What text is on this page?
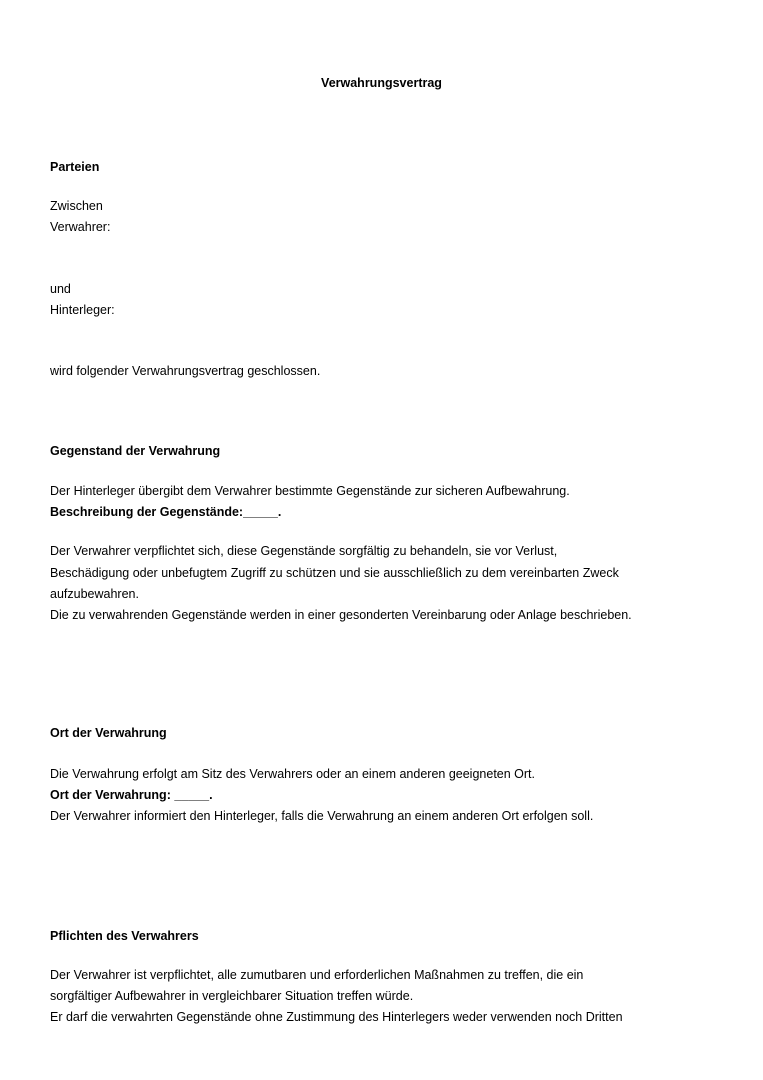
Verwahrungsvertrag
Parteien

Zwischen

Verwahrer:

und

Hinterleger:

wird folgender Verwahrungsvertrag geschlossen.

Gegenstand der Verwahrung

Der Hinterleger übergibt dem Verwahrer bestimmte Gegenstände zur sicheren Aufbewahrung.

Beschreibung der Gegenstände:_____.

Der Verwahrer verpflichtet sich, diese Gegenstände sorgfältig zu behandeln, sie vor Verlust,

Beschädigung oder unbefugtem Zugriff zu schützen und sie ausschließlich zu dem vereinbarten Zweck

aufzubewahren.

Die zu verwahrenden Gegenstände werden in einer gesonderten Vereinbarung oder Anlage beschrieben.

Ort der Verwahrung

Die Verwahrung erfolgt am Sitz des Verwahrers oder an einem anderen geeigneten Ort.

Ort der Verwahrung: _____.

Der Verwahrer informiert den Hinterleger, falls die Verwahrung an einem anderen Ort erfolgen soll.

Pflichten des Verwahrers

Der Verwahrer ist verpflichtet, alle zumutbaren und erforderlichen Maßnahmen zu treffen, die ein

sorgfältiger Aufbewahrer in vergleichbarer Situation treffen würde.

Er darf die verwahrten Gegenstände ohne Zustimmung des Hinterlegers weder verwenden noch Dritten
